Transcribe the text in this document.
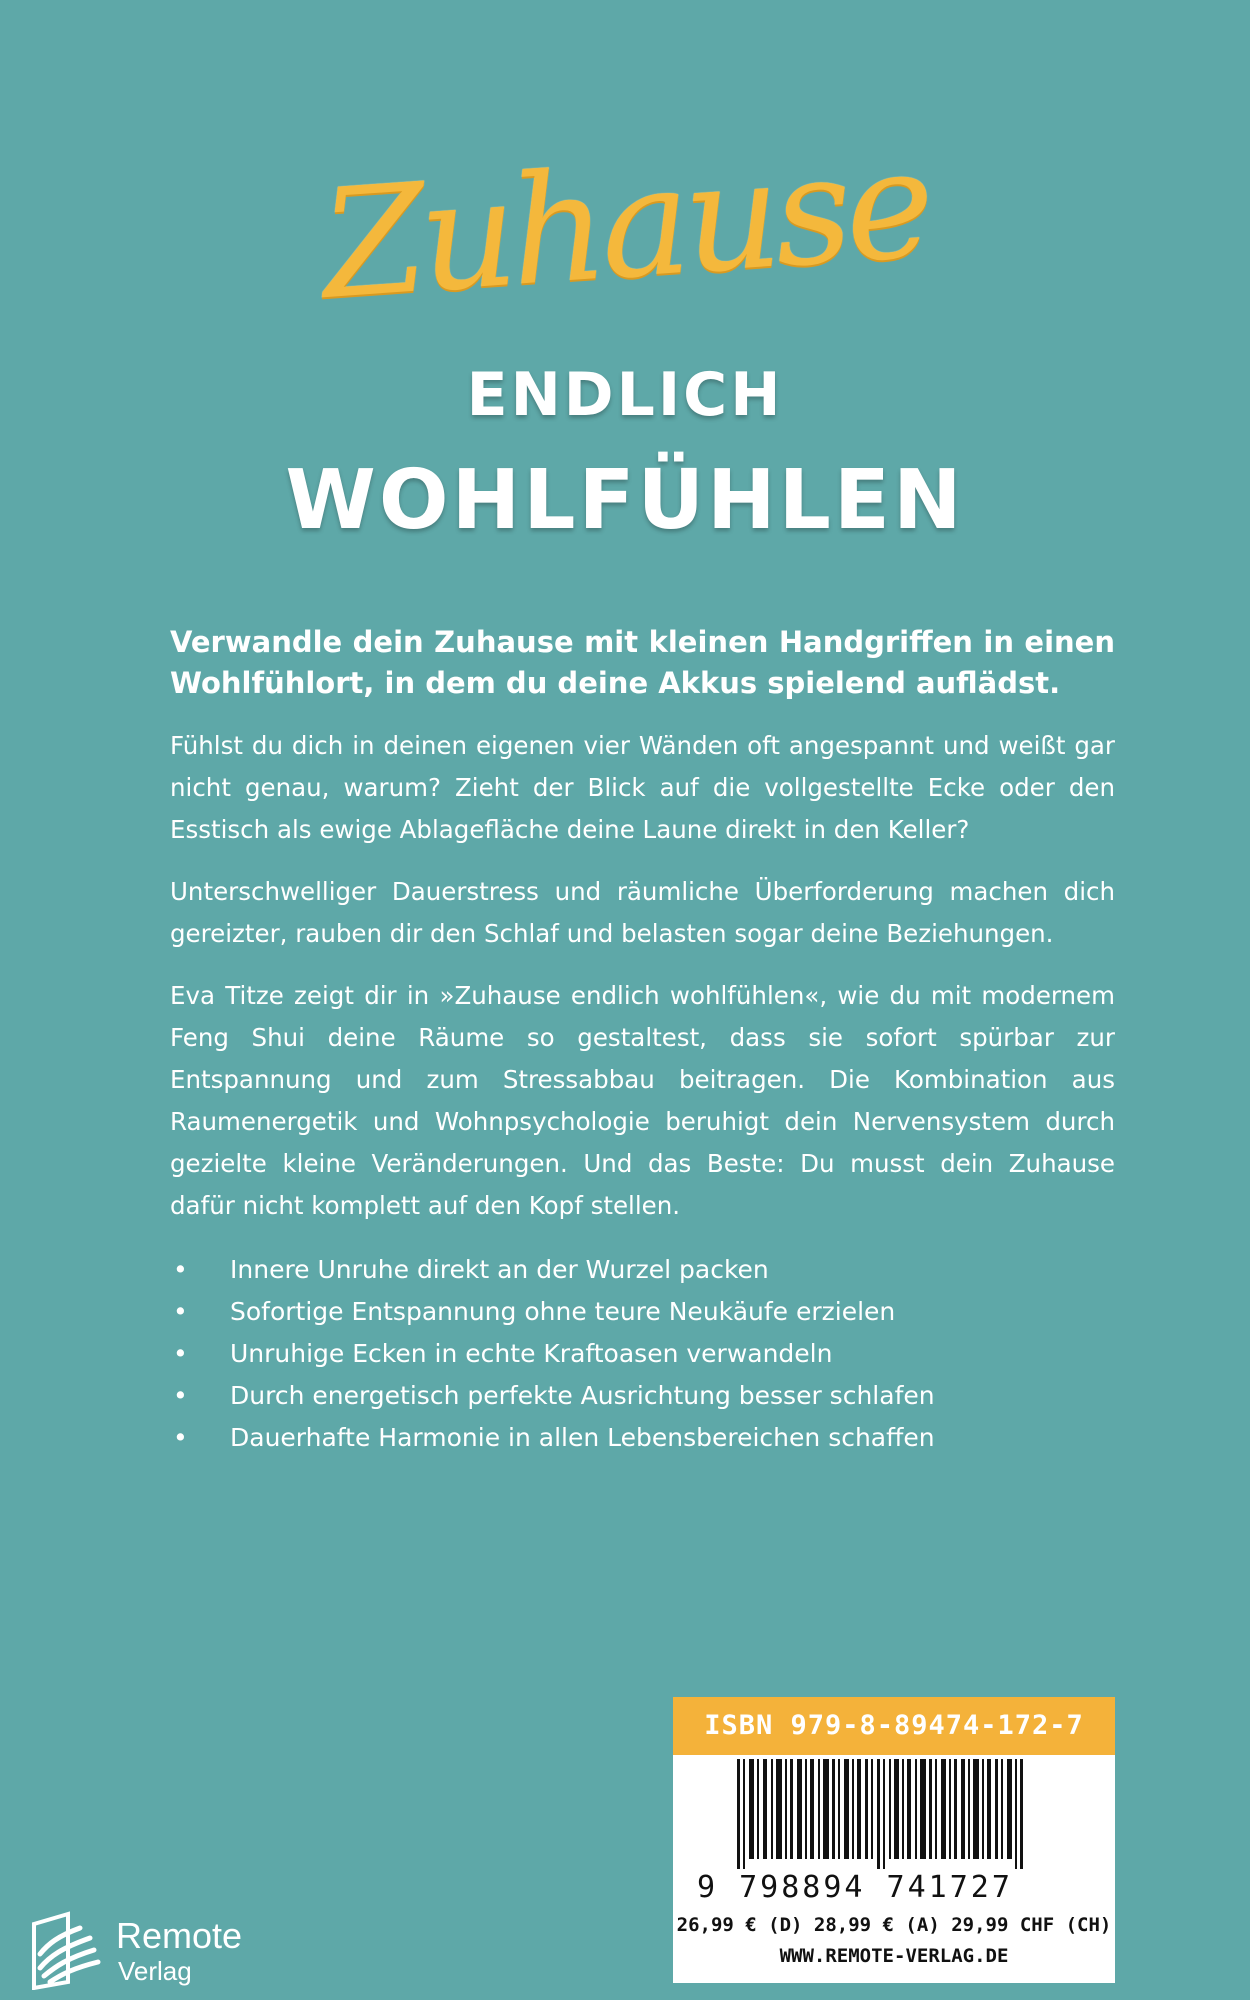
Zuhause
ENDLICH
WOHLFÜHLEN

Verwandle dein Zuhause mit kleinen Handgriffen in einen Wohlfühlort, in dem du deine Akkus spielend auflädst.

Fühlst du dich in deinen eigenen vier Wänden oft angespannt und weißt gar nicht genau, warum? Zieht der Blick auf die vollgestellte Ecke oder den Esstisch als ewige Ablagefläche deine Laune direkt in den Keller?

Unterschwelliger Dauerstress und räumliche Überforderung machen dich gereizter, rauben dir den Schlaf und belasten sogar deine Beziehungen.

Eva Titze zeigt dir in »Zuhause endlich wohlfühlen«, wie du mit modernem Feng Shui deine Räume so gestaltest, dass sie sofort spürbar zur Entspannung und zum Stressabbau beitragen. Die Kombination aus Raumenergetik und Wohnpsychologie beruhigt dein Nervensystem durch gezielte kleine Veränderungen. Und das Beste: Du musst dein Zuhause dafür nicht komplett auf den Kopf stellen.

• Innere Unruhe direkt an der Wurzel packen
• Sofortige Entspannung ohne teure Neukäufe erzielen
• Unruhige Ecken in echte Kraftoasen verwandeln
• Durch energetisch perfekte Ausrichtung besser schlafen
• Dauerhafte Harmonie in allen Lebensbereichen schaffen
ISBN 979-8-89474-172-7
9 798894 741727
26,99 € (D) 28,99 € (A) 29,99 CHF (CH)
WWW.REMOTE-VERLAG.DE
Remote
Verlag
